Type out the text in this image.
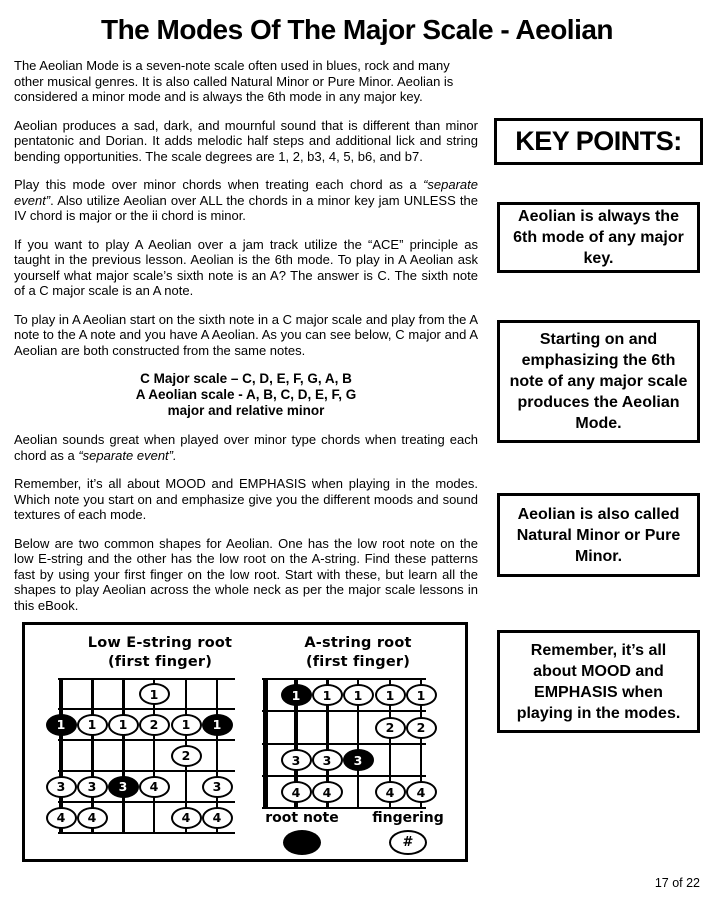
The Modes Of The Major Scale - Aeolian

The Aeolian Mode is a seven-note scale often used in blues, rock and many other musical genres. It is also called Natural Minor or Pure Minor. Aeolian is considered a minor mode and is always the 6th mode in any major key.

Aeolian produces a sad, dark, and mournful sound that is different than minor pentatonic and Dorian. It adds melodic half steps and additional lick and string bending opportunities. The scale degrees are 1, 2, b3, 4, 5, b6, and b7.

Play this mode over minor chords when treating each chord as a “separate event”. Also utilize Aeolian over ALL the chords in a minor key jam UNLESS the IV chord is major or the ii chord is minor.

If you want to play A Aeolian over a jam track utilize the “ACE” principle as taught in the previous lesson. Aeolian is the 6th mode. To play in A Aeolian ask yourself what major scale’s sixth note is an A? The answer is C. The sixth note of a C major scale is an A note.

To play in A Aeolian start on the sixth note in a C major scale and play from the A note to the A note and you have A Aeolian. As you can see below, C major and A Aeolian are both constructed from the same notes.

C Major scale – C, D, E, F, G, A, B
A Aeolian scale - A, B, C, D, E, F, G
major and relative minor

Aeolian sounds great when played over minor type chords when treating each chord as a “separate event”.

Remember, it’s all about MOOD and EMPHASIS when playing in the modes. Which note you start on and emphasize give you the different moods and sound textures of each mode.

Below are two common shapes for Aeolian. One has the low root note on the low E-string and the other has the low root on the A-string. Find these patterns fast by using your first finger on the low root. Start with these, but learn all the shapes to play Aeolian across the whole neck as per the major scale lessons in this eBook.

KEY POINTS:
Aeolian is always the 6th mode of any major key.
Starting on and emphasizing the 6th note of any major scale produces the Aeolian Mode.
Aeolian is also called Natural Minor or Pure Minor.
Remember, it’s all about MOOD and EMPHASIS when playing in the modes.
Low E-string root
(first finger)
A-string root
(first finger)
root note	fingering
#
1
1	1	1	2	1	1
2
3	3	3	4	3
4	4	4	4
1	1	1	1	1
2	2
3	3	3
4	4	4	4
17 of 22
